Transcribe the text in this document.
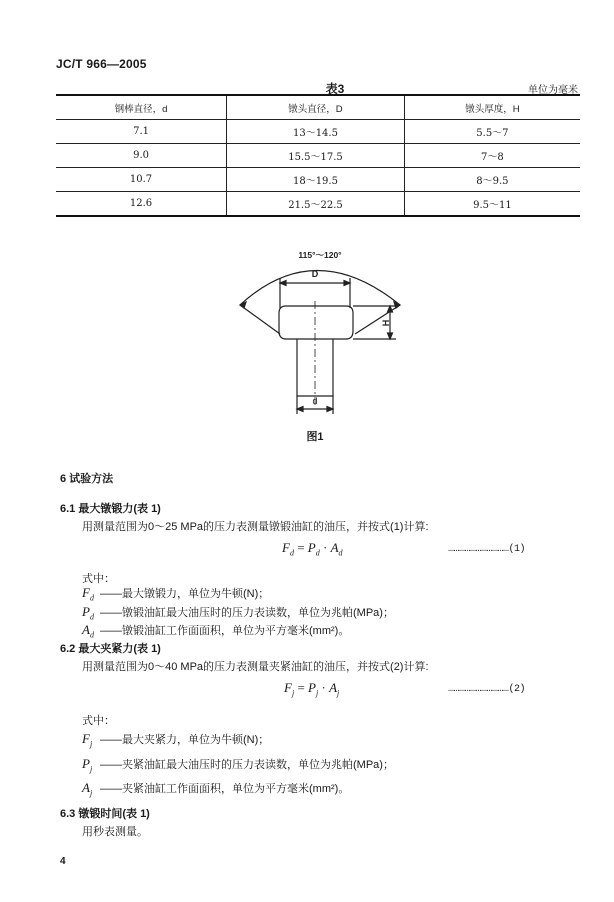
JC/T 966—2005
表3	单位为毫米
钢棒直径，d	镦头直径，D	镦头厚度，H
7.1	13～14.5	5.5～7
9.0	15.5～17.5	7～8
10.7	18～19.5	8～9.5
12.6	21.5～22.5	9.5～11
115°～120°
D
H
d
图1
6 试验方法
6.1 最大镦锻力(表 1)
用测量范围为0～25 MPa的压力表测量镦锻油缸的油压，并按式(1)计算:
$F_d = P_d \cdot A_d$	……………………………(1)
式中：
$F_d$ ——最大镦锻力，单位为牛顿(N)；
$P_d$ ——镦锻油缸最大油压时的压力表读数，单位为兆帕(MPa)；
$A_d$ ——镦锻油缸工作面面积，单位为平方毫米(mm²)。
6.2 最大夹紧力(表 1)
用测量范围为0～40 MPa的压力表测量夹紧油缸的油压，并按式(2)计算:
$F_j = P_j \cdot A_j$	……………………………(2)
式中：
$F_j$ ——最大夹紧力，单位为牛顿(N)；
$P_j$ ——夹紧油缸最大油压时的压力表读数，单位为兆帕(MPa)；
$A_j$ ——夹紧油缸工作面面积，单位为平方毫米(mm²)。
6.3 镦锻时间(表 1)
用秒表测量。
4
